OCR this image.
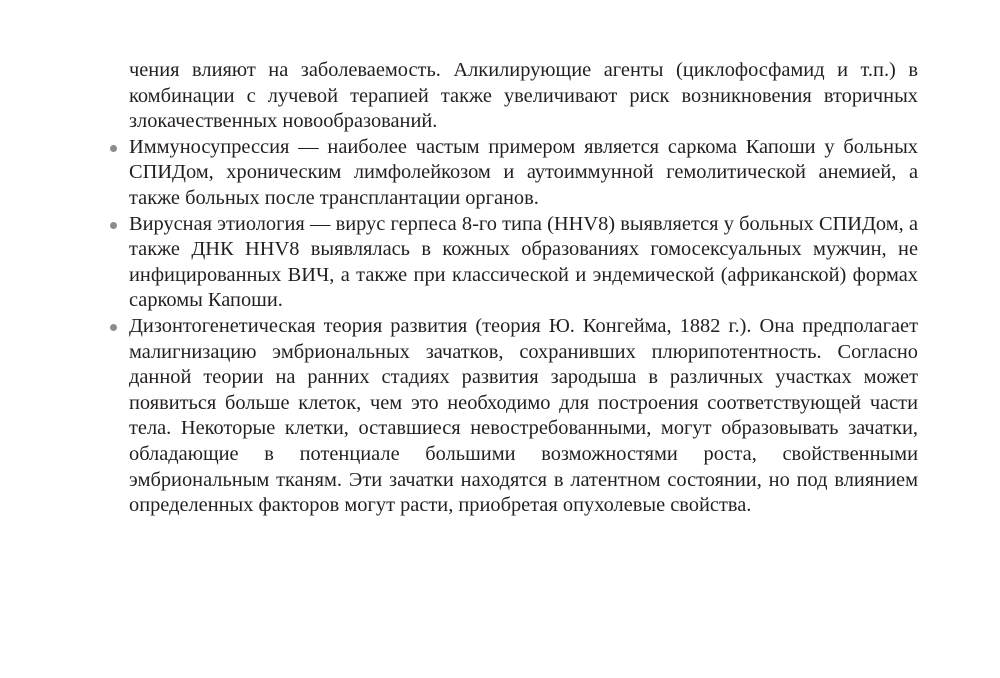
чения влияют на заболеваемость. Алкилирующие агенты (циклофосфамид и т.п.) в комбинации с лучевой терапией также увеличивают риск возникновения вторичных злокачественных новообразований.

Иммуносупрессия — наиболее частым примером является саркома Капоши у больных СПИДом, хроническим лимфолейкозом и аутоиммунной гемолитической анемией, а также больных после трансплантации органов.
Вирусная этиология — вирус герпеса 8-го типа (HHV8) выявляется у больных СПИДом, а также ДНК HHV8 выявлялась в кожных образованиях гомосексуальных мужчин, не инфицированных ВИЧ, а также при классической и эндемической (африканской) формах саркомы Капоши.
Дизонтогенетическая теория развития (теория Ю. Конгейма, 1882 г.). Она предполагает малигнизацию эмбриональных зачатков, сохранивших плюрипотентность. Согласно данной теории на ранних стадиях развития зародыша в различных участках может появиться больше клеток, чем это необходимо для построения соответствующей части тела. Некоторые клетки, оставшиеся невостребованными, могут образовывать зачатки, обладающие в потенциале большими возможностями роста, свойственными эмбриональным тканям. Эти зачатки находятся в латентном состоянии, но под влиянием определенных факторов могут расти, приобретая опухолевые свойства.
